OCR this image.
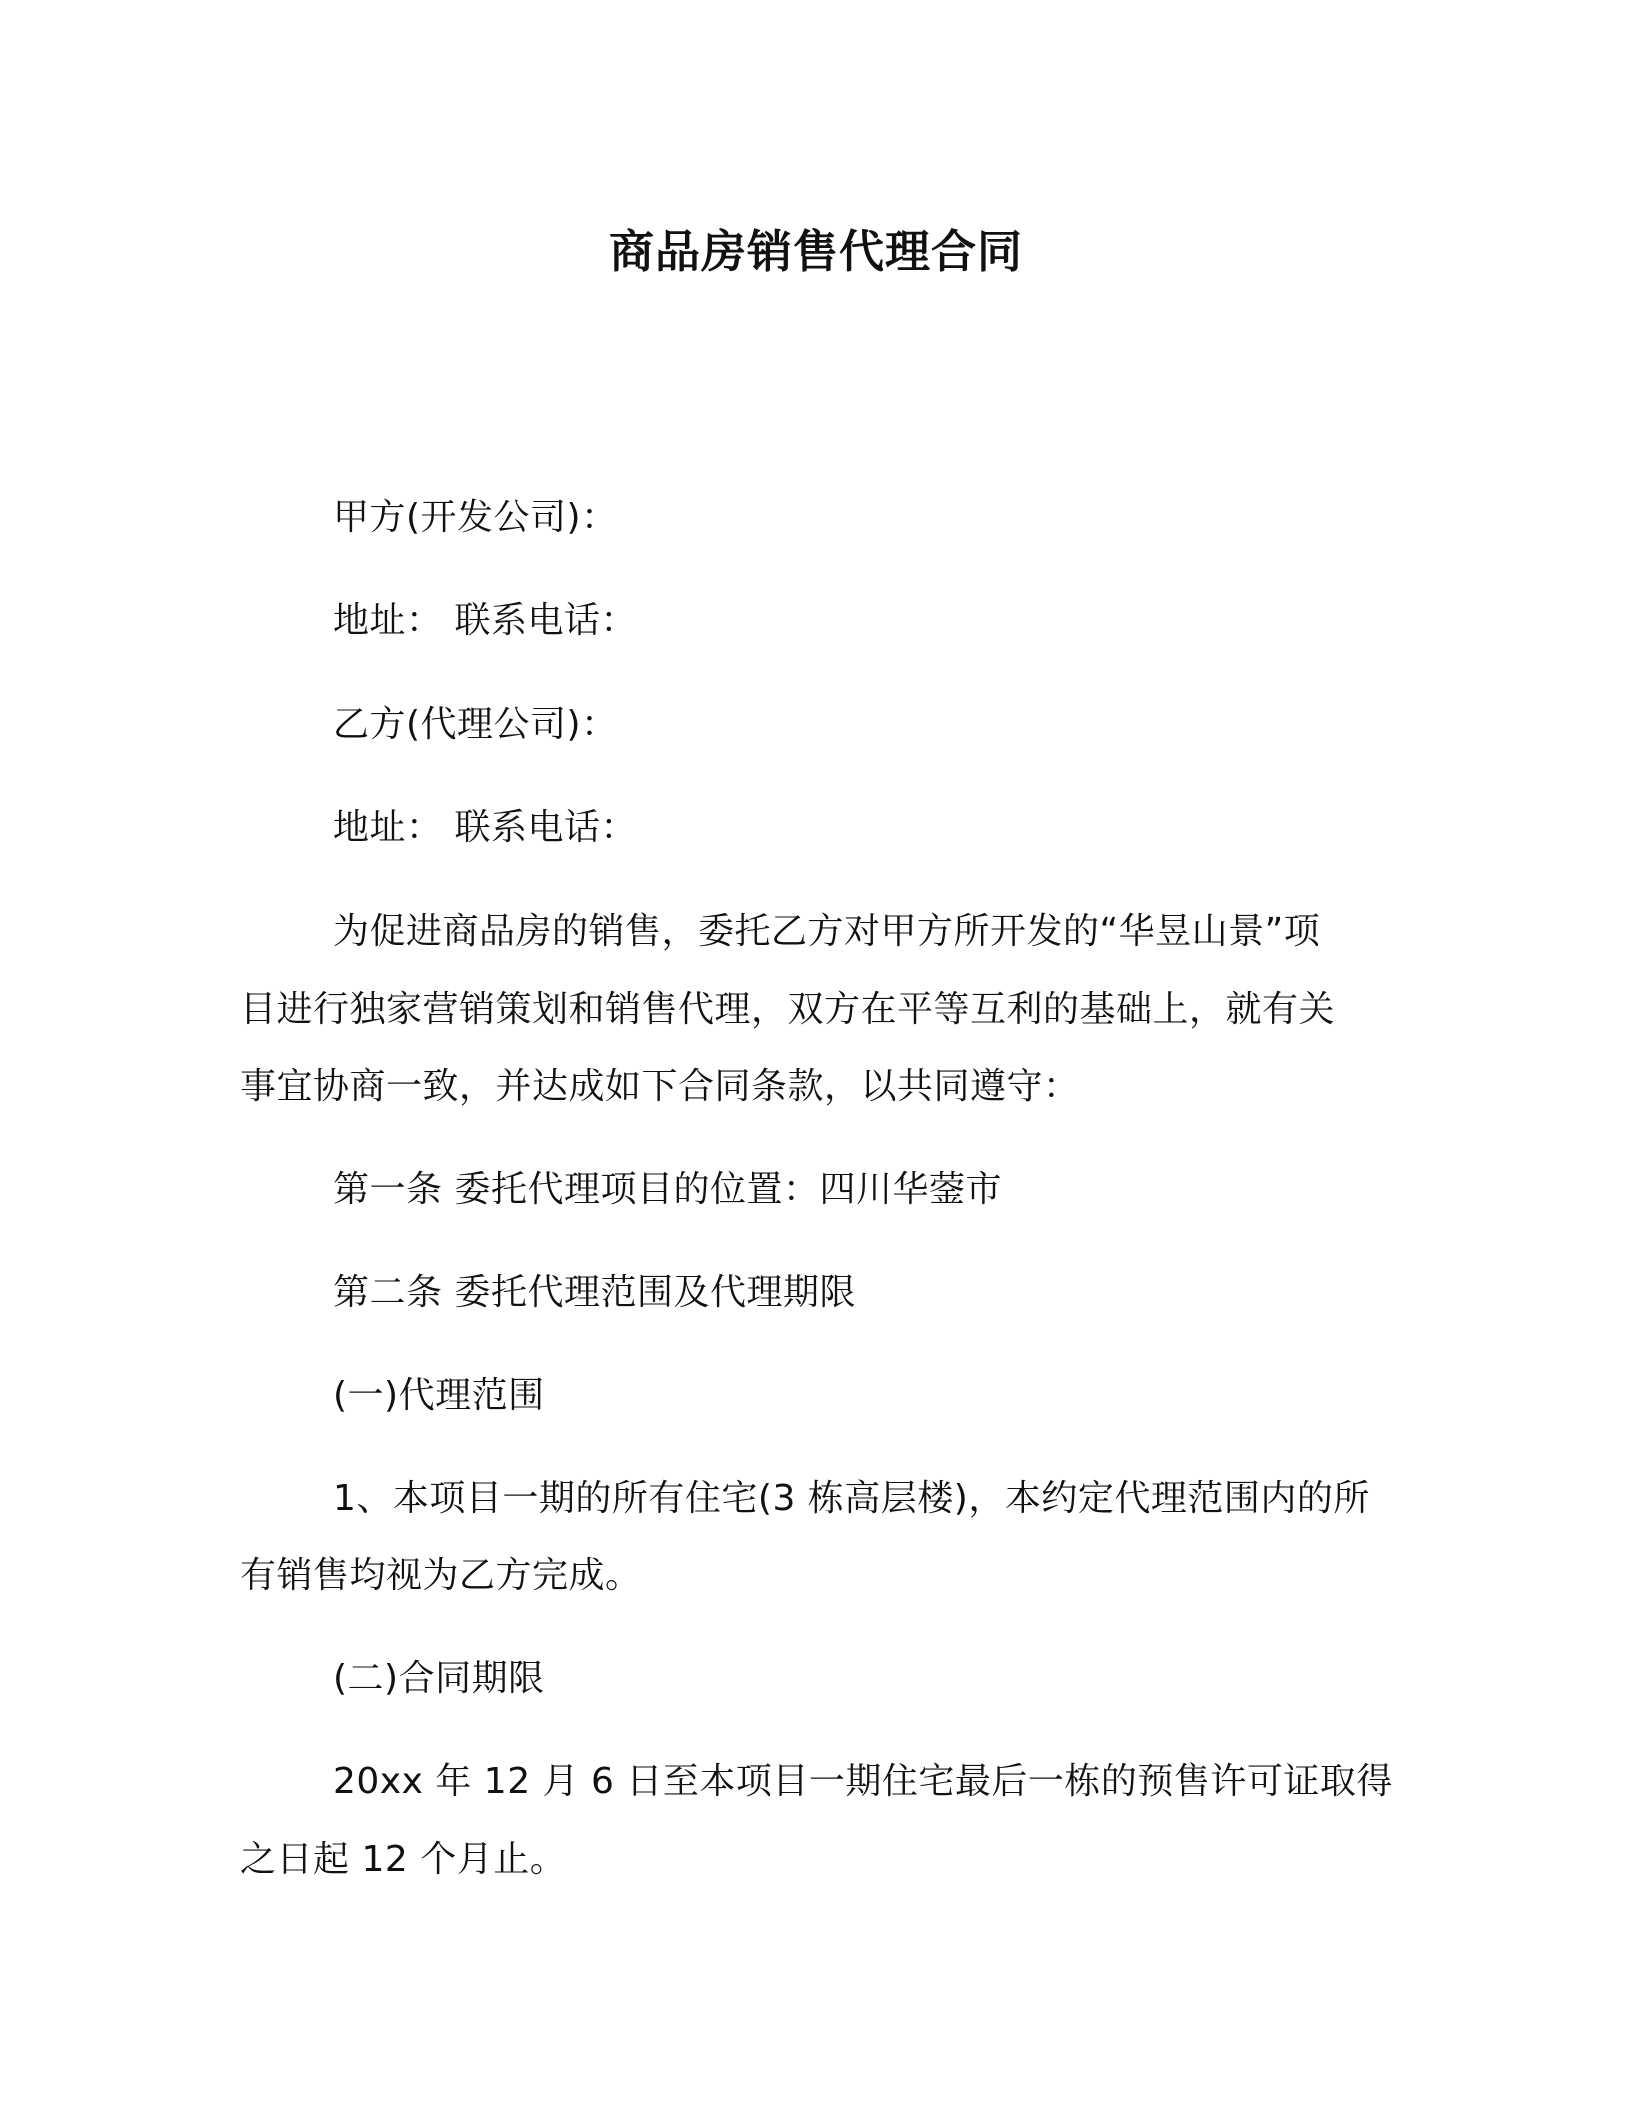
商品房销售代理合同
甲方(开发公司)：
地址： 联系电话：
乙方(代理公司)：
地址： 联系电话：
为促进商品房的销售，委托乙方对甲方所开发的“华昱山景”项
目进行独家营销策划和销售代理，双方在平等互利的基础上，就有关
事宜协商一致，并达成如下合同条款，以共同遵守：
第一条 委托代理项目的位置：四川华蓥市
第二条 委托代理范围及代理期限
(一)代理范围
1、本项目一期的所有住宅(3 栋高层楼)，本约定代理范围内的所
有销售均视为乙方完成。
(二)合同期限
20xx 年 12 月 6 日至本项目一期住宅最后一栋的预售许可证取得
之日起 12 个月止。
